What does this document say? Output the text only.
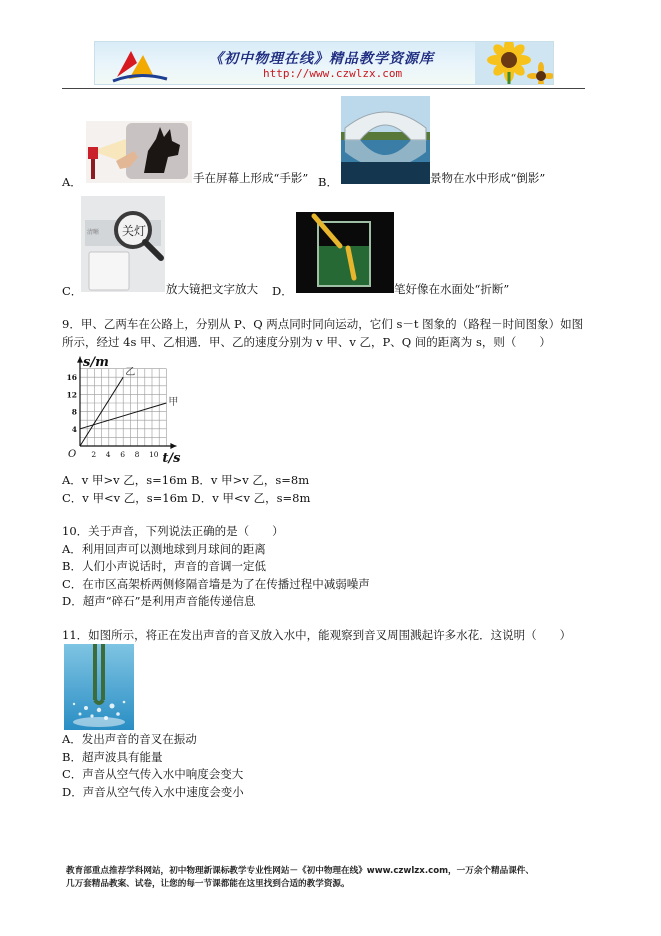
《初中物理在线》精品教学资源库
http://www.czwlzx.com
A．	手在屏幕上形成“手影” B．	景物在水中形成“倒影”
关灯
清晰
C．	放大镜把文字放大 D．	笔好像在水面处“折断”
9．甲、乙两车在公路上，分别从 P、Q 两点同时同向运动，它们 s－t 图象的（路程－时间图象）如图
所示，经过 4s 甲、乙相遇．甲、乙的速度分别为 v 甲、v 乙，P、Q 间的距离为 s，则（　　）
乙
甲
2 4 6 8 10
4
8
12
16
O
s/m
t/s
A．v 甲>v 乙，s=16m B．v 甲>v 乙，s=8m
C．v 甲<v 乙，s=16m D．v 甲<v 乙，s=8m
10．关于声音，下列说法正确的是（　　）
A．利用回声可以测地球到月球间的距离
B．人们小声说话时，声音的音调一定低
C．在市区高架桥两侧修隔音墙是为了在传播过程中减弱噪声
D．超声“碎石”是利用声音能传递信息
11．如图所示，将正在发出声音的音叉放入水中，能观察到音叉周围溅起许多水花．这说明（　　）
A．发出声音的音叉在振动
B．超声波具有能量
C．声音从空气传入水中响度会变大
D．声音从空气传入水中速度会变小
教育部重点推荐学科网站，初中物理新课标教学专业性网站－《初中物理在线》www.czwlzx.com，一万余个精品课件、
几万套精品教案、试卷，让您的每一节课都能在这里找到合适的教学资源。
